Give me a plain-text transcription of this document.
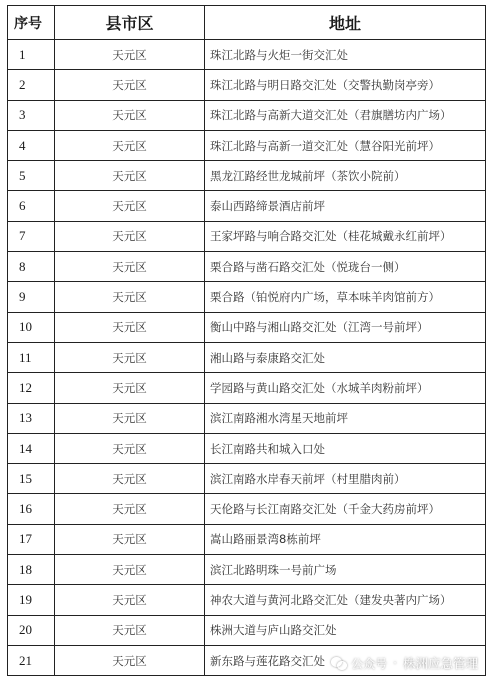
序号	县市区	地址
1	天元区	珠江北路与火炬一街交汇处
2	天元区	珠江北路与明日路交汇处（交警执勤岗亭旁）
3	天元区	珠江北路与高新大道交汇处（君旗膳坊内广场）
4	天元区	珠江北路与高新一道交汇处（慧谷阳光前坪）
5	天元区	黑龙江路经世龙城前坪（茶饮小院前）
6	天元区	泰山西路缔景酒店前坪
7	天元区	王家坪路与响合路交汇处（桂花城戴永红前坪）
8	天元区	栗合路与凿石路交汇处（悦珑台一侧）
9	天元区	栗合路（铂悦府内广场，草本味羊肉馆前方）
10	天元区	衡山中路与湘山路交汇处（江湾一号前坪）
11	天元区	湘山路与泰康路交汇处
12	天元区	学园路与黄山路交汇处（水城羊肉粉前坪）
13	天元区	滨江南路湘水湾星天地前坪
14	天元区	长江南路共和城入口处
15	天元区	滨江南路水岸春天前坪（村里腊肉前）
16	天元区	天伦路与长江南路交汇处（千金大药房前坪）
17	天元区	嵩山路丽景湾8栋前坪
18	天元区	滨江北路明珠一号前广场
19	天元区	神农大道与黄河北路交汇处（建发央著内广场）
20	天元区	株洲大道与庐山路交汇处
21	天元区	新东路与莲花路交汇处 公众号 · 株洲应急管理
